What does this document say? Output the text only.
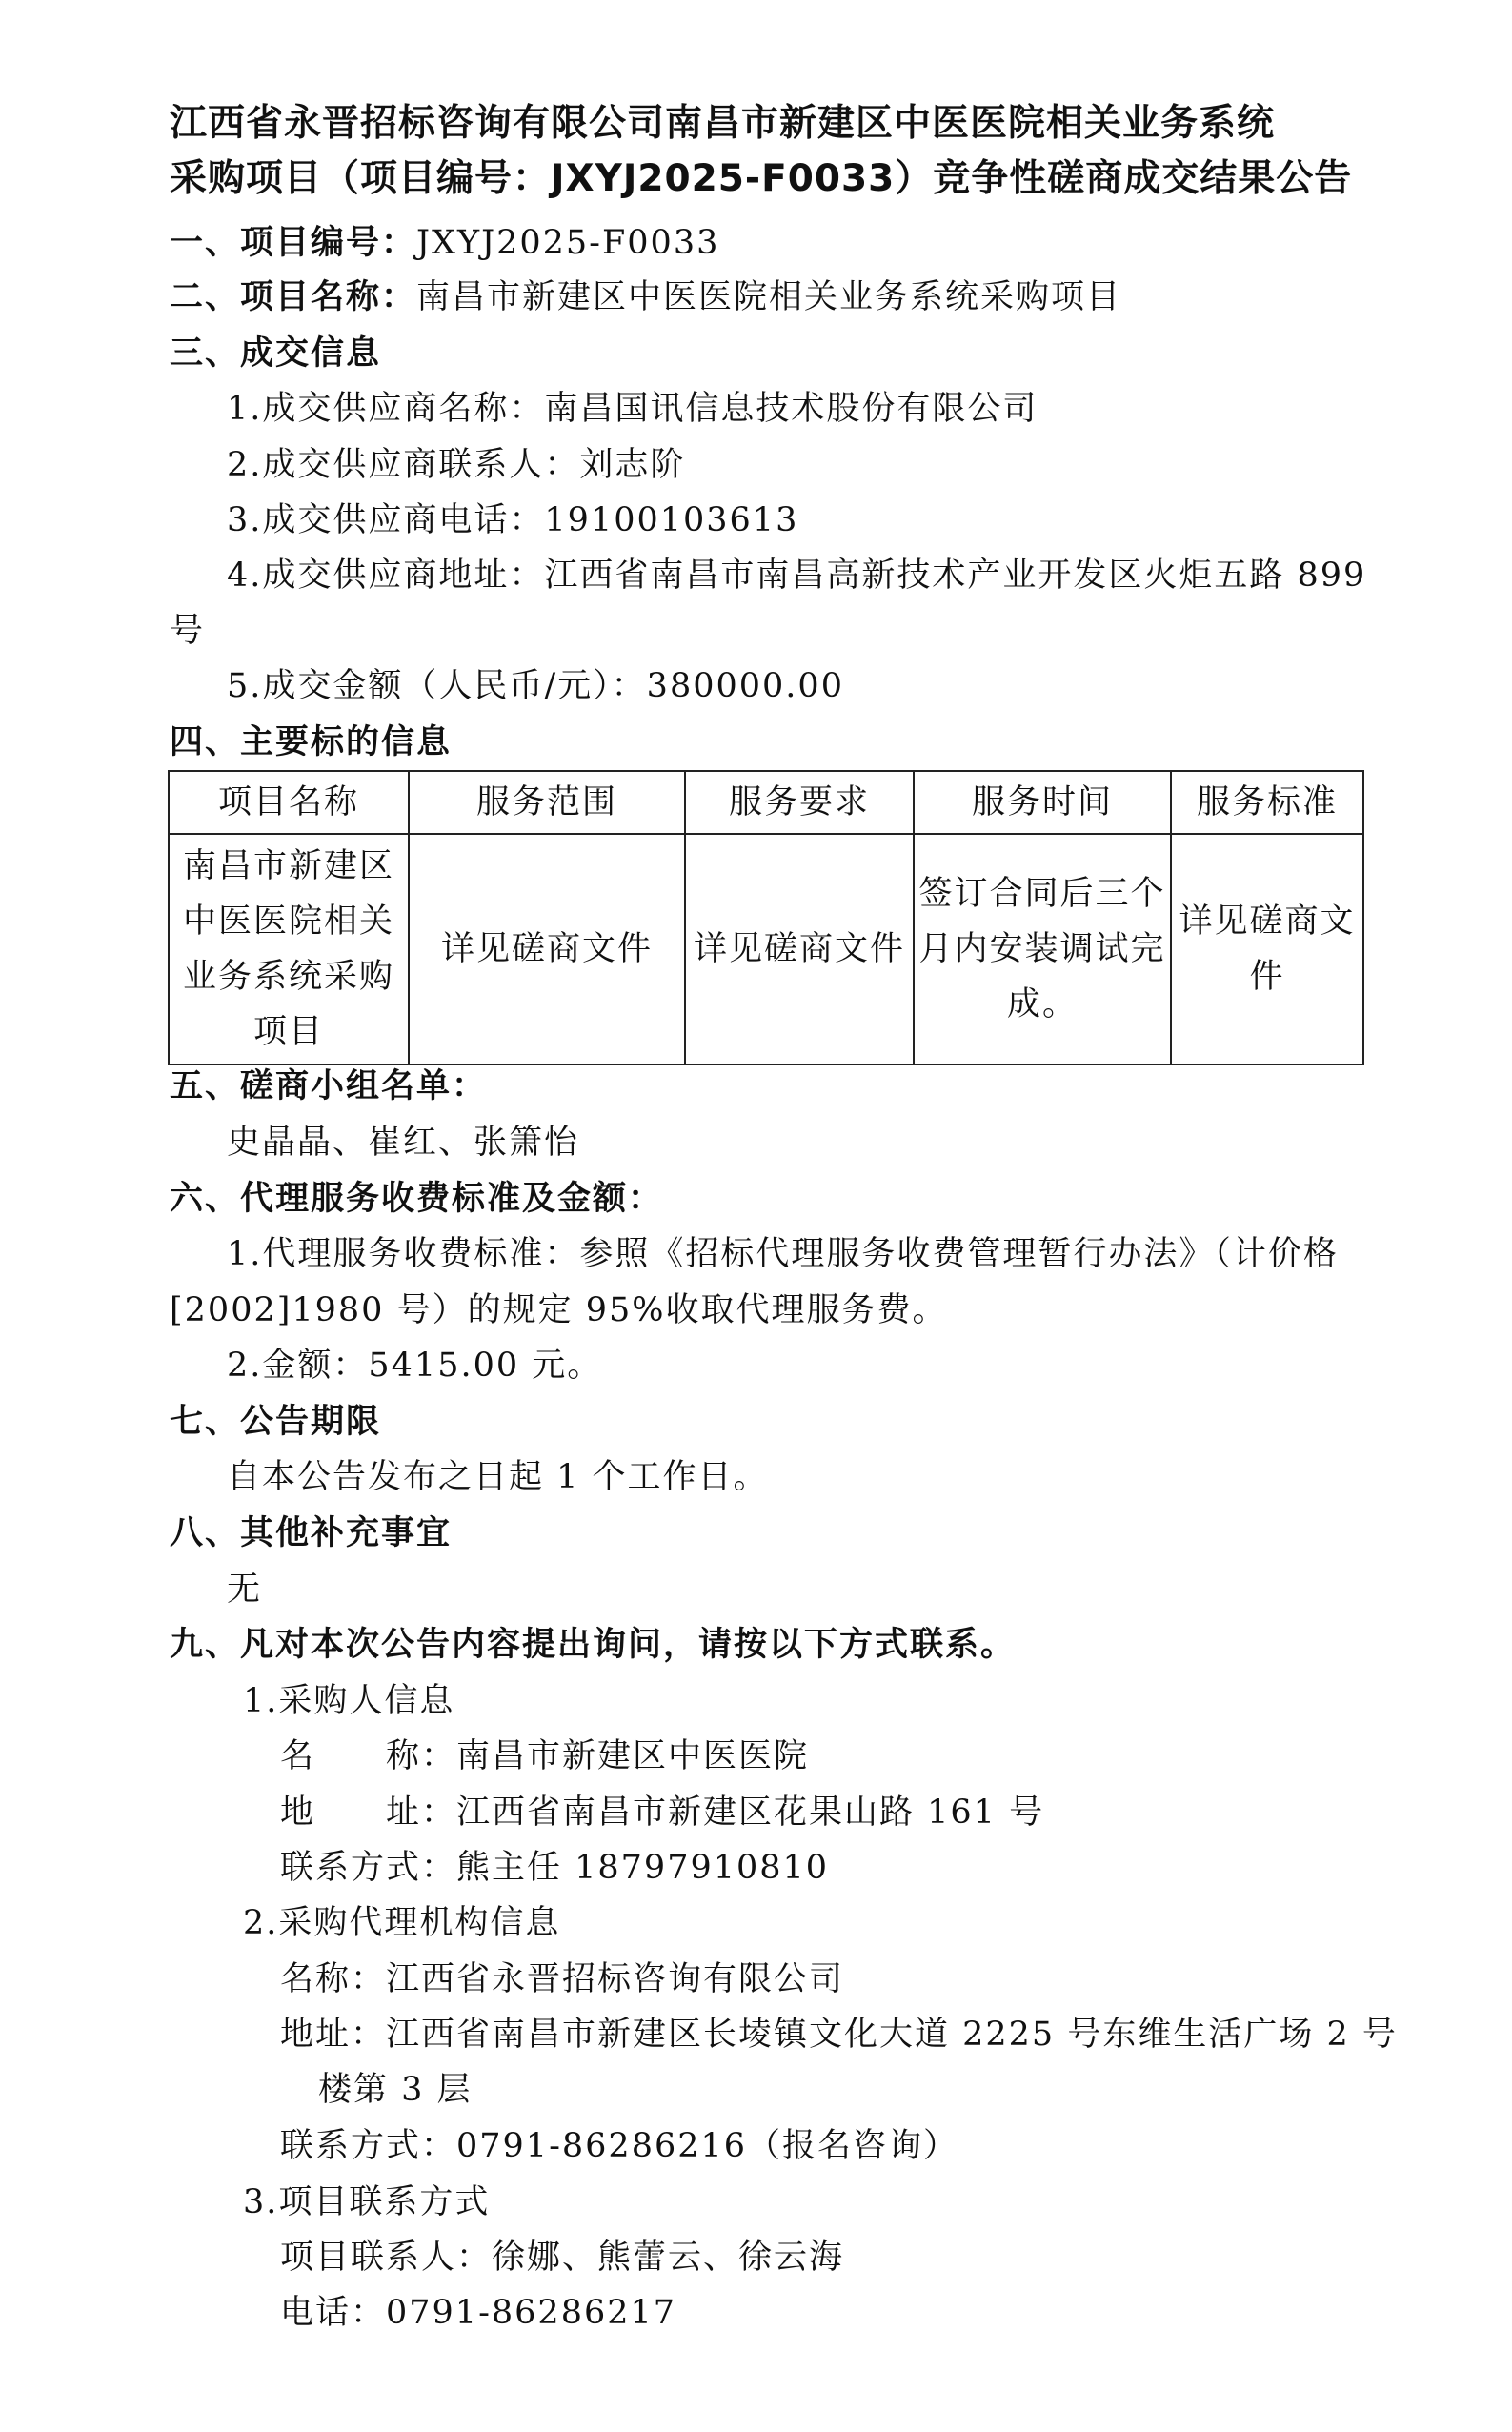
江西省永晋招标咨询有限公司南昌市新建区中医医院相关业务系统
采购项目（项目编号：JXYJ2025-F0033）竞争性磋商成交结果公告
一、项目编号：JXYJ2025-F0033
二、项目名称：南昌市新建区中医医院相关业务系统采购项目
三、成交信息
1.成交供应商名称：南昌国讯信息技术股份有限公司
2.成交供应商联系人：刘志阶
3.成交供应商电话：19100103613
4.成交供应商地址：江西省南昌市南昌高新技术产业开发区火炬五路 899
号
5.成交金额（人民币/元）：380000.00
四、主要标的信息
项目名称	服务范围	服务要求	服务时间	服务标准
南昌市新建区中医医院相关业务系统采购项目	详见磋商文件	详见磋商文件	签订合同后三个月内安装调试完成。	详见磋商文件
五、磋商小组名单：
史晶晶、崔红、张箫怡
六、代理服务收费标准及金额：
1.代理服务收费标准：参照《招标代理服务收费管理暂行办法》（计价格
[2002]1980 号）的规定 95%收取代理服务费。
2.金额：5415.00 元。
七、公告期限
自本公告发布之日起 1 个工作日。
八、其他补充事宜
无
九、凡对本次公告内容提出询问，请按以下方式联系。
1.采购人信息
名　　称：南昌市新建区中医医院
地　　址：江西省南昌市新建区花果山路 161 号
联系方式：熊主任 18797910810
2.采购代理机构信息
名称：江西省永晋招标咨询有限公司
地址：江西省南昌市新建区长堎镇文化大道 2225 号东维生活广场 2 号
楼第 3 层
联系方式：0791-86286216（报名咨询）
3.项目联系方式
项目联系人：徐娜、熊蕾云、徐云海
电话：0791-86286217
